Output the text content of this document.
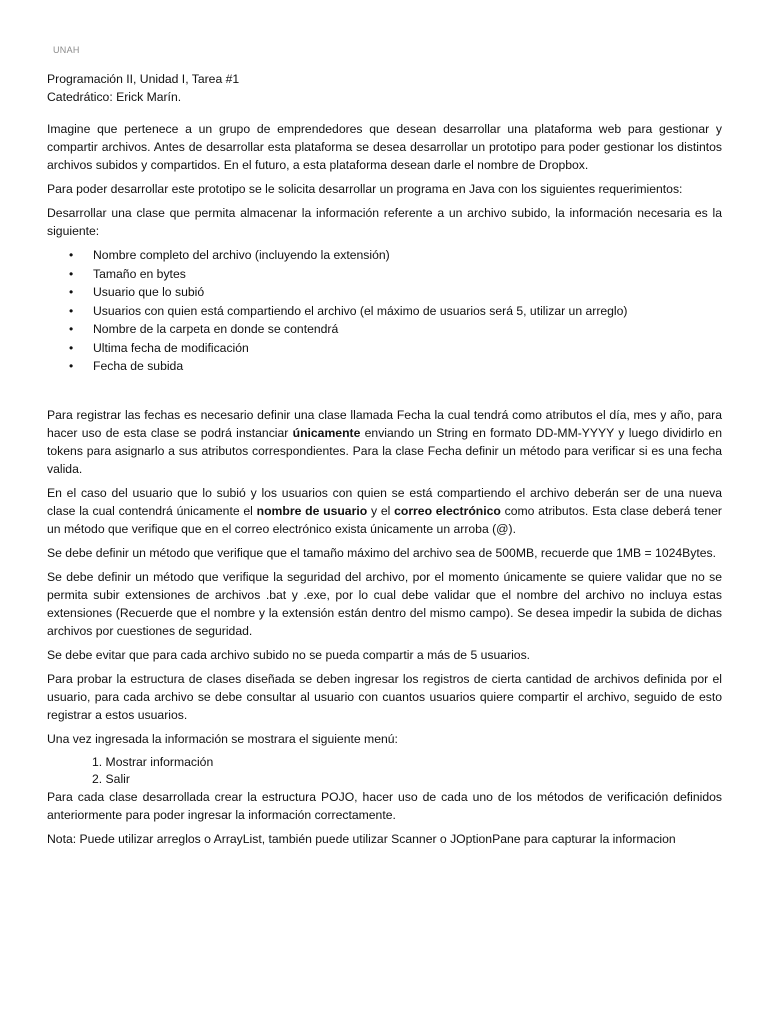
UNAH
Programación II, Unidad I, Tarea #1
Catedrático: Erick Marín.

Imagine que pertenece a un grupo de emprendedores que desean desarrollar una plataforma web para gestionar y compartir archivos. Antes de desarrollar esta plataforma se desea desarrollar un prototipo para poder gestionar los distintos archivos subidos y compartidos. En el futuro, a esta plataforma desean darle el nombre de Dropbox.

Para poder desarrollar este prototipo se le solicita desarrollar un programa en Java con los siguientes requerimientos:

Desarrollar una clase que permita almacenar la información referente a un archivo subido, la información necesaria es la siguiente:

• Nombre completo del archivo (incluyendo la extensión)
• Tamaño en bytes
• Usuario que lo subió
• Usuarios con quien está compartiendo el archivo (el máximo de usuarios será 5, utilizar un arreglo)
• Nombre de la carpeta en donde se contendrá
• Ultima fecha de modificación
• Fecha de subida

Para registrar las fechas es necesario definir una clase llamada Fecha la cual tendrá como atributos el día, mes y año, para hacer uso de esta clase se podrá instanciar únicamente enviando un String en formato DD-MM-YYYY y luego dividirlo en tokens para asignarlo a sus atributos correspondientes. Para la clase Fecha definir un método para verificar si es una fecha valida.

En el caso del usuario que lo subió y los usuarios con quien se está compartiendo el archivo deberán ser de una nueva clase la cual contendrá únicamente el nombre de usuario y el correo electrónico como atributos. Esta clase deberá tener un método que verifique que en el correo electrónico exista únicamente un arroba (@).

Se debe definir un método que verifique que el tamaño máximo del archivo sea de 500MB, recuerde que 1MB = 1024Bytes.

Se debe definir un método que verifique la seguridad del archivo, por el momento únicamente se quiere validar que no se permita subir extensiones de archivos .bat y .exe, por lo cual debe validar que el nombre del archivo no incluya estas extensiones (Recuerde que el nombre y la extensión están dentro del mismo campo). Se desea impedir la subida de dichas archivos por cuestiones de seguridad.

Se debe evitar que para cada archivo subido no se pueda compartir a más de 5 usuarios.

Para probar la estructura de clases diseñada se deben ingresar los registros de cierta cantidad de archivos definida por el usuario, para cada archivo se debe consultar al usuario con cuantos usuarios quiere compartir el archivo, seguido de esto registrar a estos usuarios.

Una vez ingresada la información se mostrara el siguiente menú:

1. Mostrar información
2. Salir

Para cada clase desarrollada crear la estructura POJO, hacer uso de cada uno de los métodos de verificación definidos anteriormente para poder ingresar la información correctamente.

Nota: Puede utilizar arreglos o ArrayList, también puede utilizar Scanner o JOptionPane para capturar la informacion
